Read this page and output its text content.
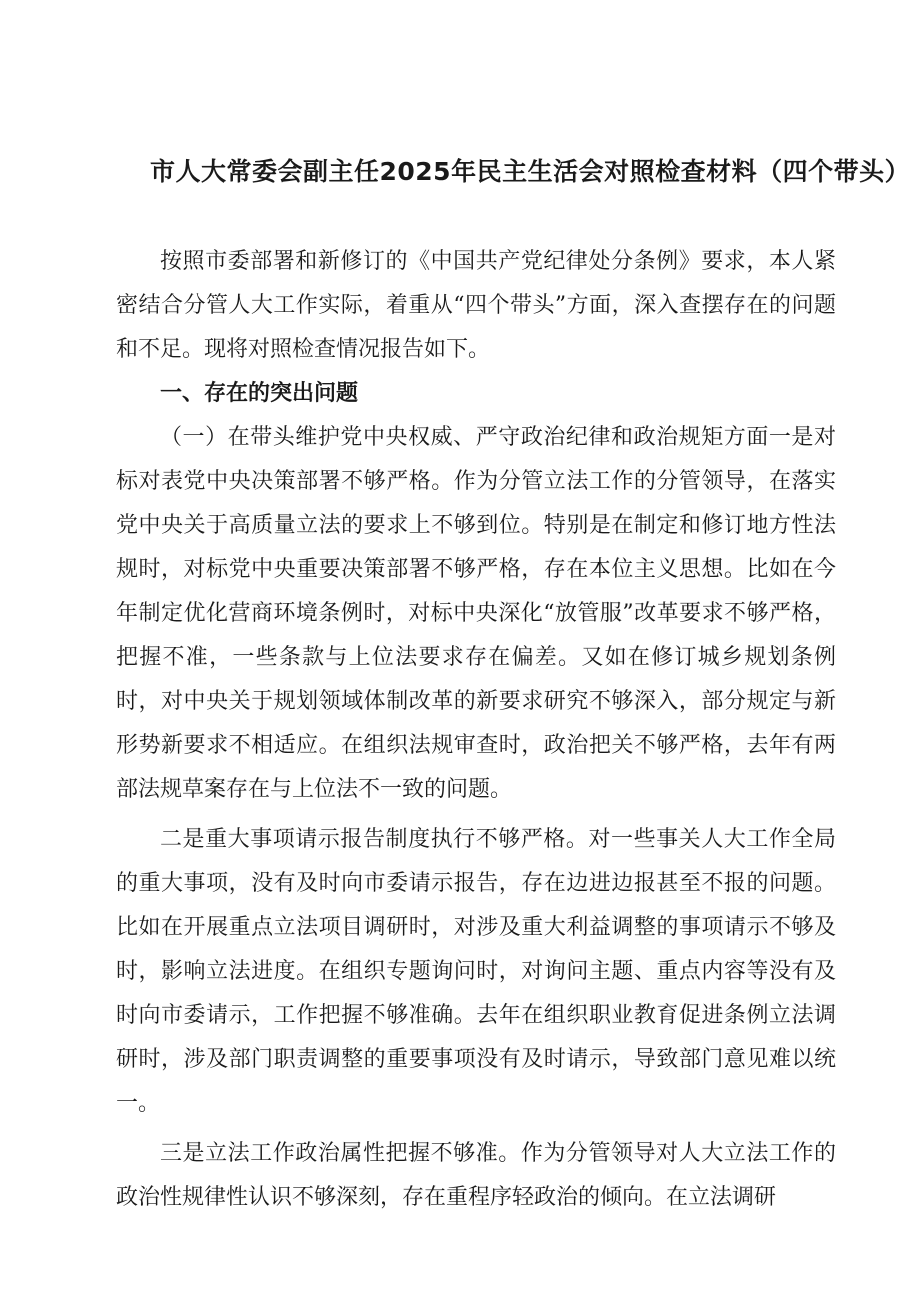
市人大常委会副主任2025年民主生活会对照检查材料（四个带头）

按照市委部署和新修订的《中国共产党纪律处分条例》要求，本人紧密结合分管人大工作实际，着重从“四个带头”方面，深入查摆存在的问题和不足。现将对照检查情况报告如下。

一、存在的突出问题

（一）在带头维护党中央权威、严守政治纪律和政治规矩方面一是对标对表党中央决策部署不够严格。作为分管立法工作的分管领导，在落实党中央关于高质量立法的要求上不够到位。特别是在制定和修订地方性法规时，对标党中央重要决策部署不够严格，存在本位主义思想。比如在今年制定优化营商环境条例时，对标中央深化“放管服”改革要求不够严格，把握不准，一些条款与上位法要求存在偏差。又如在修订城乡规划条例时，对中央关于规划领域体制改革的新要求研究不够深入，部分规定与新形势新要求不相适应。在组织法规审查时，政治把关不够严格，去年有两部法规草案存在与上位法不一致的问题。

二是重大事项请示报告制度执行不够严格。对一些事关人大工作全局的重大事项，没有及时向市委请示报告，存在边进边报甚至不报的问题。比如在开展重点立法项目调研时，对涉及重大利益调整的事项请示不够及时，影响立法进度。在组织专题询问时，对询问主题、重点内容等没有及时向市委请示，工作把握不够准确。去年在组织职业教育促进条例立法调研时，涉及部门职责调整的重要事项没有及时请示，导致部门意见难以统一。

三是立法工作政治属性把握不够准。作为分管领导对人大立法工作的政治性规律性认识不够深刻，存在重程序轻政治的倾向。在立法调研
